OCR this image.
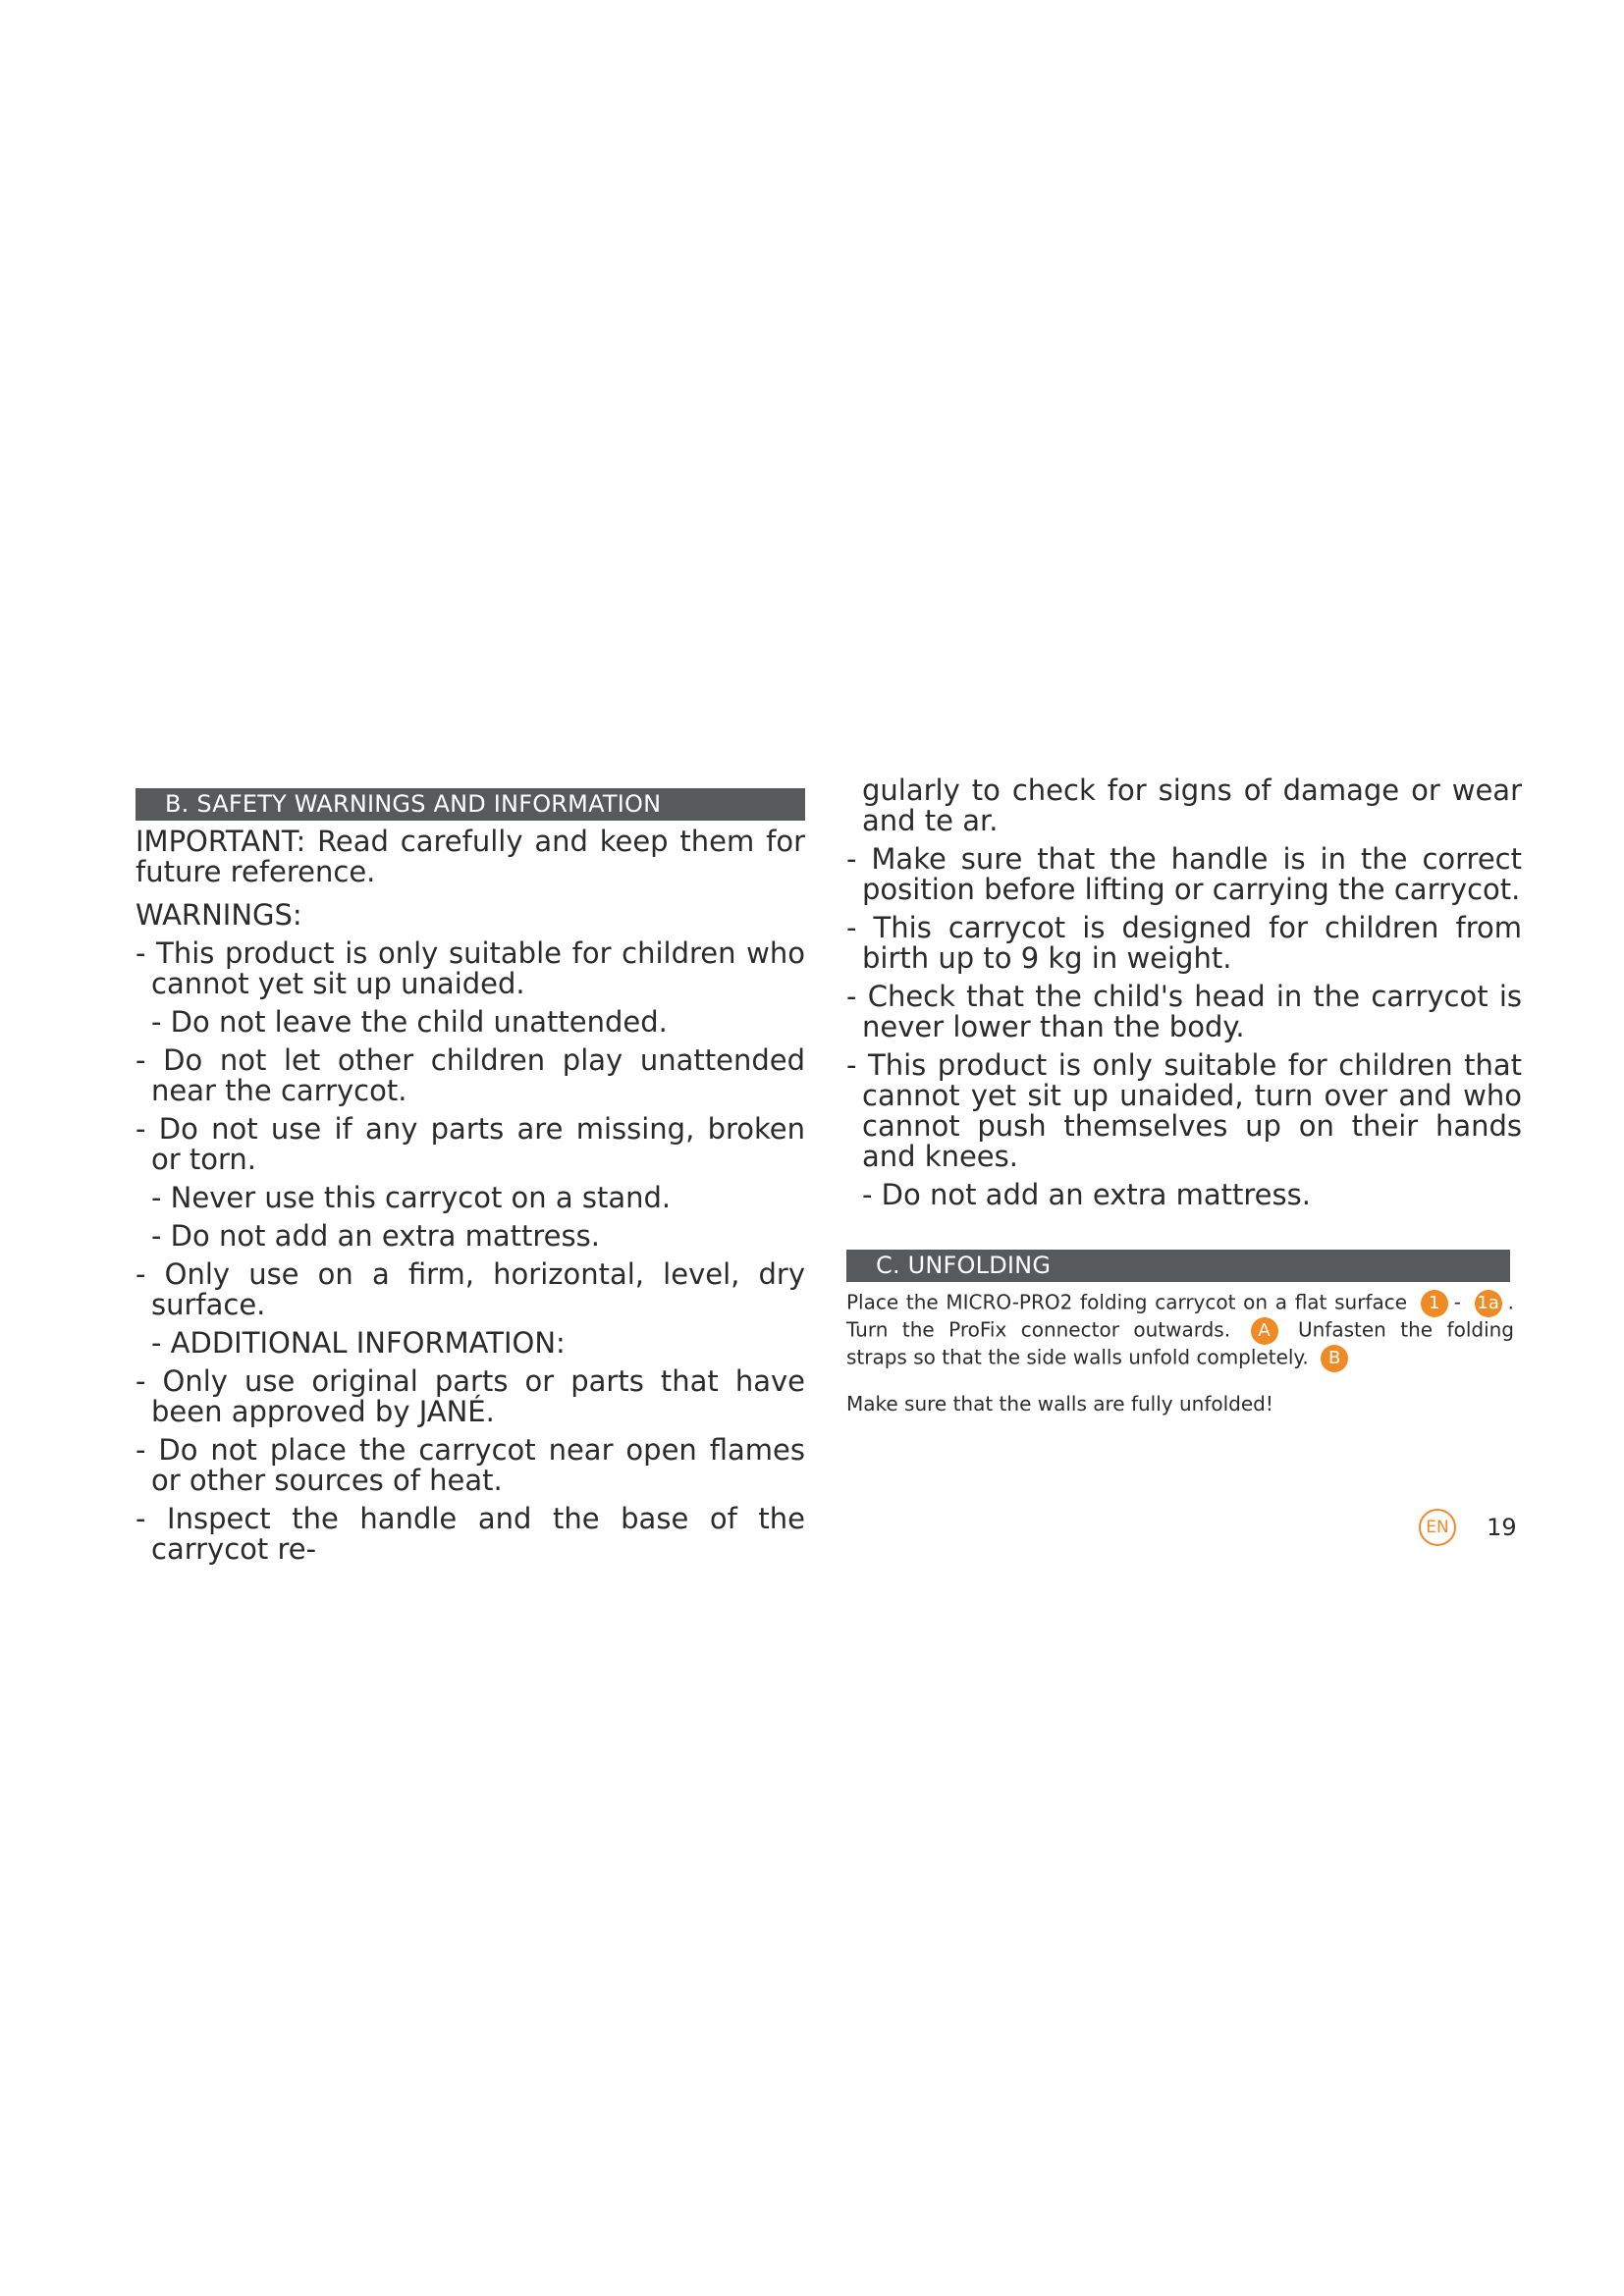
B. SAFETY WARNINGS AND INFORMATION
IMPORTANT: Read carefully and keep them for future reference.
WARNINGS:
- This product is only suitable for children who cannot yet sit up unaided.
- Do not leave the child unattended.
- Do not let other children play unattended near the carrycot.
- Do not use if any parts are missing, broken or torn.
- Never use this carrycot on a stand.
- Do not add an extra mattress.
- Only use on a firm, horizontal, level, dry surface.
- ADDITIONAL INFORMATION:
- Only use original parts or parts that have been approved by JANÉ.
- Do not place the carrycot near open flames or other sources of heat.
- Inspect the handle and the base of the carrycot re-
gularly to check for signs of damage or wear and te ar.
- Make sure that the handle is in the correct position before lifting or carrying the carrycot.
- This carrycot is designed for children from birth up to 9 kg in weight.
- Check that the child's head in the carrycot is never lower than the body.
- This product is only suitable for children that cannot yet sit up unaided, turn over and who cannot push themselves up on their hands and knees.
- Do not add an extra mattress.
C. UNFOLDING
Place the MICRO-PRO2 folding carrycot on a flat surface 1 - 1a . Turn the ProFix connector outwards. A Unfasten the folding straps so that the side walls unfold completely. B
Make sure that the walls are fully unfolded!
EN 19
